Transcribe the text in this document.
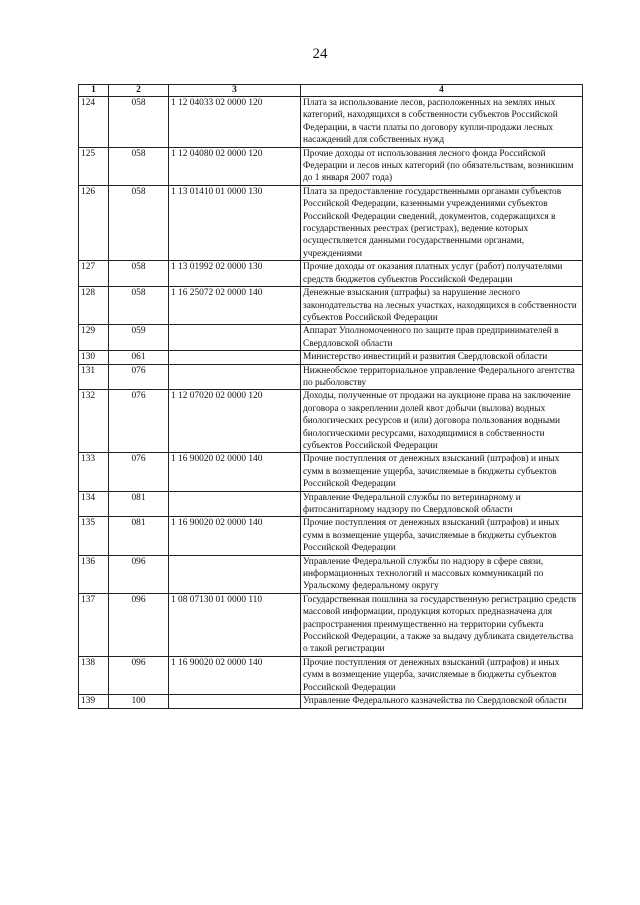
24
1	2	3	4
124	058	1 12 04033 02 0000 120	Плата за использование лесов, расположенных на землях иных категорий, находящихся в собственности субъектов Российской Федерации, в части платы по договору купли-продажи лесных насаждений для собственных нужд
125	058	1 12 04080 02 0000 120	Прочие доходы от использования лесного фонда Российской Федерации и лесов иных категорий (по обязательствам, возникшим до 1 января 2007 года)
126	058	1 13 01410 01 0000 130	Плата за предоставление государственными органами субъектов Российской Федерации, казенными учреждениями субъектов Российской Федерации сведений, документов, содержащихся в государственных реестрах (регистрах), ведение которых осуществляется данными государственными органами, учреждениями
127	058	1 13 01992 02 0000 130	Прочие доходы от оказания платных услуг (работ) получателями средств бюджетов субъектов Российской Федерации
128	058	1 16 25072 02 0000 140	Денежные взыскания (штрафы) за нарушение лесного законодательства на лесных участках, находящихся в собственности субъектов Российской Федерации
129	059		Аппарат Уполномоченного по защите прав предпринимателей в Свердловской области
130	061		Министерство инвестиций и развития Свердловской области
131	076		Нижнеобское территориальное управление Федерального агентства по рыболовству
132	076	1 12 07020 02 0000 120	Доходы, полученные от продажи на аукционе права на заключение договора о закреплении долей квот добычи (вылова) водных биологических ресурсов и (или) договора пользования водными биологическими ресурсами, находящимися в собственности субъектов Российской Федерации
133	076	1 16 90020 02 0000 140	Прочие поступления от денежных взысканий (штрафов) и иных сумм в возмещение ущерба, зачисляемые в бюджеты субъектов Российской Федерации
134	081		Управление Федеральной службы по ветеринарному и фитосанитарному надзору по Свердловской области
135	081	1 16 90020 02 0000 140	Прочие поступления от денежных взысканий (штрафов) и иных сумм в возмещение ущерба, зачисляемые в бюджеты субъектов Российской Федерации
136	096		Управление Федеральной службы по надзору в сфере связи, информационных технологий и массовых коммуникаций по Уральскому федеральному округу
137	096	1 08 07130 01 0000 110	Государственная пошлина за государственную регистрацию средств массовой информации, продукция которых предназначена для распространения преимущественно на территории субъекта Российской Федерации, а также за выдачу дубликата свидетельства о такой регистрации
138	096	1 16 90020 02 0000 140	Прочие поступления от денежных взысканий (штрафов) и иных сумм в возмещение ущерба, зачисляемые в бюджеты субъектов Российской Федерации
139	100		Управление Федерального казначейства по Свердловской области
